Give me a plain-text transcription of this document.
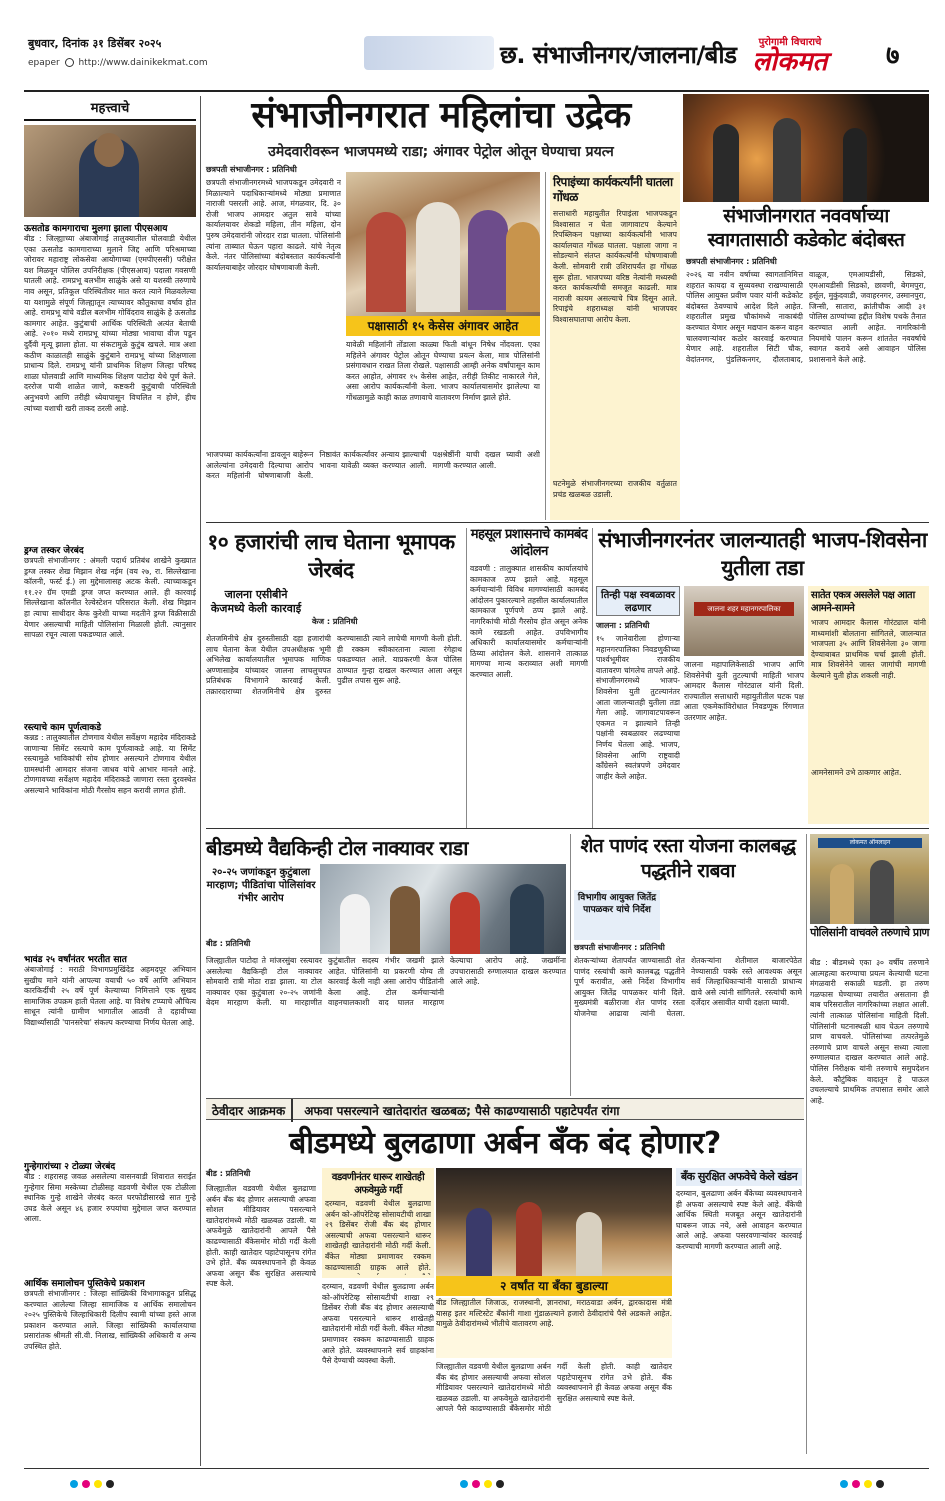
बुधवार, दिनांक ३१ डिसेंबर २०२५
epaper http://www.dainikekmat.com	छ. संभाजीनगर/जालना/बीड	पुरोगामी विचाराचे
लोकमत	७
महत्त्वाचे
ऊसतोड कामगाराचा मुलगा झाला पीएसआय
बीड : जिल्ह्याच्या अंबाजोगाई तालुक्यातील घोलवाडी येथील एका ऊसतोड कामगाराच्या मुलाने जिद्द आणि परिश्रमाच्या जोरावर महाराष्ट्र लोकसेवा आयोगाच्या (एमपीएससी) परीक्षेत यश मिळवून पोलिस उपनिरीक्षक (पीएसआय) पदाला गवसणी घातली आहे. रामप्रभू बलभीम साळुंके असे या यशस्वी तरुणाचे नाव असून, प्रतिकूल परिस्थितीवर मात करत त्याने मिळवलेल्या या यशामुळे संपूर्ण जिल्ह्यातून त्याच्यावर कौतुकाचा वर्षाव होत आहे. रामप्रभू यांचे वडील बलभीम गोविंदराव साळुंके हे ऊसतोड कामगार आहेत. कुटुंबाची आर्थिक परिस्थिती अत्यंत बेताची आहे. २०१० मध्ये रामप्रभू यांच्या मोठ्या भावाचा वीज पडून दुर्दैवी मृत्यू झाला होता. या संकटामुळे कुटुंब खचले. मात्र अशा कठीण काळातही साळुंके कुटुंबाने रामप्रभू यांच्या शिक्षणाला प्राधान्य दिले. रामप्रभू यांनी प्राथमिक शिक्षण जिल्हा परिषद शाळा घोलवाडी आणि माध्यमिक शिक्षण पाटोदा येथे पूर्ण केले. दररोज पायी शाळेत जाणे, कष्टकरी कुटुंबाची परिस्थिती अनुभवणे आणि तरीही ध्येयापासून विचलित न होणे, हीच त्यांच्या यशाची खरी ताकद ठरली आहे.
ड्रग्ज तस्कर जेरबंद
छत्रपती संभाजीनगर : अंमली पदार्थ प्रतिबंध शाखेने कुख्यात ड्रग्ज तस्कर शेख मिझान शेख नईम (वय २७, रा. सिल्लेखाना कॉलनी, फर्स्ट ई.) ला मुद्देमालासह अटक केली. त्याच्याकडून ११.२२ ग्रॅम एमडी ड्रग्ज जप्त करण्यात आले. ही कारवाई सिल्लेखाना कॉलनीत रेल्वेस्टेशन परिसरात केली. शेख मिझान हा त्याचा साथीदार केफ कुरेशी याच्या मदतीने ड्रग्ज विक्रीसाठी येणार असल्याची माहिती पोलिसांना मिळाली होती. त्यानुसार सापळा रचून त्याला पकडण्यात आले.
रस्त्याचे काम पूर्णत्वाकडे
कन्नड : तालुक्यातील टोणगाव येथील सर्वेक्षण महादेव मंदिराकडे जाणाऱ्या सिमेंट रस्त्याचे काम पूर्णत्वाकडे आहे. या सिमेंट रस्त्यामुळे भाविकांची सोय होणार असल्याने टोणगाव येथील ग्रामस्थांनी आमदार संजना जाधव यांचे आभार मानले आहे. टोणगावच्या सर्वेक्षण महादेव मंदिराकडे जाणारा रस्ता दुरवस्थेत असल्याने भाविकांना मोठी गैरसोय सहन करावी लागत होती.
भावंड २५ वर्षांनंतर भरतीत सात
अंबाजोगाई : मराठी विभागप्रमुखिंदेड अहमदपूर अभियान सुखीच माने यांनी आपल्या वयाची ५० वर्षे आणि अभियान कारकिर्दीची २५ वर्षे पूर्ण केल्याच्या निमित्ताने एक सुखद सामाजिक उपक्रम हाती घेतला आहे. या विशेष टप्प्याचे औचित्य साधून त्यांनी ग्रामीण भागातील आठवी ते दहावीच्या विद्यार्थ्यांसाठी 'पानसरेचा' संकल्प करण्याचा निर्णय घेतला आहे.
गुन्हेगारांच्या २ टोळ्या जेरबंद
बीड : शहरासह जवळ असलेल्या वासनवाडी शिवारात सराईत गुन्हेगार सिमा मस्केच्या टोळीसह वडवणी येथील एक टोळीला स्थानिक गुन्हे शाखेने जेरबंद करत घरफोडीसारखे सात गुन्हे उघड केले असून ४६ हजार रुपयांचा मुद्देमाल जप्त करण्यात आला.
आर्थिक समालोचन पुस्तिकेचे प्रकाशन
छत्रपती संभाजीनगर : जिल्हा सांख्यिकी विभागाकडून प्रसिद्ध करण्यात आलेल्या जिल्हा सामाजिक व आर्थिक समालोचन २०२५ पुस्तिकेचे जिल्हाधिकारी दिलीप स्वामी यांच्या हस्ते आज प्रकाशन करण्यात आले. जिल्हा सांख्यिकी कार्यालयाचा प्रसारांतक श्रीमती सी.वी. निलाख, सांख्यिकी अधिकारी व अन्य उपस्थित होते.
संभाजीनगरात महिलांचा उद्रेक
उमेदवारीवरून भाजपमध्ये राडा; अंगावर पेट्रोल ओतून घेण्याचा प्रयत्न
छत्रपती संभाजीनगर : प्रतिनिधी
छत्रपती संभाजीनगरमध्ये भाजपकडून उमेदवारी न मिळाल्याने पदाधिकाऱ्यांमध्ये मोठ्या प्रमाणात नाराजी पसरली आहे. आज, मंगळवार, दि. ३० रोजी भाजप आमदार अतुल सावे यांच्या कार्यालयावर शेकडो महिला, तीन महिला, दोन पुरुष उमेदवारांनी जोरदार राडा घातला. पोलिसांनी त्यांना ताब्यात घेऊन पहारा काढले. यांचे नेतृत्व केले. नंतर पोलिसांच्या बंदोबस्तात कार्यकर्त्यांनी कार्यालयाबाहेर जोरदार घोषणाबाजी केली.
पक्षासाठी १५ केसेस अंगावर आहेत
यावेळी महिलांनी तोंडाला काळ्या फिती बांधून निषेध नोंदवला. एका महिलेने अंगावर पेट्रोल ओतून घेण्याचा प्रयत्न केला, मात्र पोलिसांनी प्रसंगावधान राखत तिला रोखले. पक्षासाठी आम्ही अनेक वर्षांपासून काम करत आहोत, अंगावर १५ केसेस आहेत, तरीही तिकीट नाकारले गेले, असा आरोप कार्यकर्त्यांनी केला. भाजप कार्यालयासमोर झालेल्या या गोंधळामुळे काही काळ तणावाचे वातावरण निर्माण झाले होते.
भाजपच्या कार्यकर्त्यांना डावलून बाहेरून आलेल्यांना उमेदवारी दिल्याचा आरोप करत महिलांनी घोषणाबाजी केली. निष्ठावंत कार्यकर्त्यांवर अन्याय झाल्याची भावना यावेळी व्यक्त करण्यात आली. पक्षश्रेष्ठींनी याची दखल घ्यावी अशी मागणी करण्यात आली.
रिपाइंच्या कार्यकर्त्यांनी घातला गोंधळ
सत्ताधारी महायुतीत रिपाइंला भाजपकडून विश्वासात न घेता जागावाटप केल्याने रिपब्लिकन पक्षाच्या कार्यकर्त्यांनी भाजप कार्यालयात गोंधळ घातला. पक्षाला जागा न सोडल्याने संतप्त कार्यकर्त्यांनी घोषणाबाजी केली. सोमवारी रात्री उशिरापर्यंत हा गोंधळ सुरू होता. भाजपच्या वरिष्ठ नेत्यांनी मध्यस्थी करत कार्यकर्त्यांची समजूत काढली. मात्र नाराजी कायम असल्याचे चित्र दिसून आले. रिपाइंचे शहराध्यक्ष यांनी भाजपवर विश्वासघाताचा आरोप केला.
घटनेमुळे संभाजीनगरच्या राजकीय वर्तुळात प्रचंड खळबळ उडाली.
संभाजीनगरात नववर्षाच्या स्वागतासाठी कडेकोट बंदोबस्त
छत्रपती संभाजीनगर : प्रतिनिधी
२०२६ या नवीन वर्षाच्या स्वागतानिमित्त शहरात कायदा व सुव्यवस्था राखण्यासाठी पोलिस आयुक्त प्रवीण पवार यांनी कडेकोट बंदोबस्त ठेवण्याचे आदेश दिले आहेत. शहरातील प्रमुख चौकांमध्ये नाकाबंदी करण्यात येणार असून मद्यपान करून वाहन चालवणाऱ्यांवर कठोर कारवाई करण्यात येणार आहे. शहरातील सिटी चौक, वेदांतनगर, पुंडलिकनगर, दौलताबाद, वाळूज, एमआयडीसी, सिडको, एमआयडीसी सिडको, छावणी, बेगमपुरा, हर्सूल, मुकुंदवाडी, जवाहरनगर, उस्मानपुरा, जिन्सी, सातारा, क्रांतीचौक आदी ३१ पोलिस ठाण्यांच्या हद्दीत विशेष पथके तैनात करण्यात आली आहेत. नागरिकांनी नियमांचे पालन करून शांततेत नववर्षाचे स्वागत करावे असे आवाहन पोलिस प्रशासनाने केले आहे.
१० हजारांची लाच घेताना भूमापक जेरबंद
जालना एसीबीने केजमध्ये केली कारवाई
केज : प्रतिनिधी
शेतजमिनीचे क्षेत्र दुरुस्तीसाठी दहा हजारांची लाच घेताना केज येथील उपअधीक्षक भूमी अभिलेख कार्यालयातील भूमापक माणिक अण्णासाहेब यांच्यावर जालना लाचलुचपत प्रतिबंधक विभागाने कारवाई केली. तक्रारदाराच्या शेतजमिनीचे क्षेत्र दुरुस्त करण्यासाठी त्याने लाचेची मागणी केली होती. ही रक्कम स्वीकारताना त्याला रंगेहाथ पकडण्यात आले. याप्रकरणी केज पोलिस ठाण्यात गुन्हा दाखल करण्यात आला असून पुढील तपास सुरू आहे.
महसूल प्रशासनाचे कामबंद आंदोलन
वडवणी : तालुक्यात शासकीय कार्यालयांचे कामकाज ठप्प झाले आहे. महसूल कर्मचाऱ्यांनी विविध मागण्यांसाठी कामबंद आंदोलन पुकारल्याने तहसील कार्यालयातील कामकाज पूर्णपणे ठप्प झाले आहे. नागरिकांची मोठी गैरसोय होत असून अनेक कामे रखडली आहेत. उपविभागीय अधिकारी कार्यालयासमोर कर्मचाऱ्यांनी ठिय्या आंदोलन केले. शासनाने तात्काळ मागण्या मान्य कराव्यात अशी मागणी करण्यात आली.
संभाजीनगरनंतर जालन्यातही भाजप-शिवसेना युतीला तडा
तिन्ही पक्ष स्वबळावर लढणार
जालना : प्रतिनिधी
१५ जानेवारीला होणाऱ्या महानगरपालिका निवडणुकीच्या पार्श्वभूमीवर राजकीय वातावरण चांगलेच तापले आहे. संभाजीनगरमध्ये भाजप-शिवसेना युती तुटल्यानंतर आता जालन्यातही युतीला तडा गेला आहे. जागावाटपावरून एकमत न झाल्याने तिन्ही पक्षांनी स्वबळावर लढण्याचा निर्णय घेतला आहे. भाजप, शिवसेना आणि राष्ट्रवादी काँग्रेसने स्वतंत्रपणे उमेदवार जाहीर केले आहेत.
जालना शहर महानगरपालिका
जालना महापालिकेसाठी भाजप आणि शिवसेनेची युती तुटल्याची माहिती भाजप आमदार कैलास गोरंट्याल यांनी दिली. राज्यातील सत्ताधारी महायुतीतील घटक पक्ष आता एकमेकांविरोधात निवडणूक रिंगणात उतरणार आहेत.
सातेत एकत्र असलेले पक्ष आता आमने-सामने
भाजप आमदार कैलास गोरंट्याल यांनी माध्यमांशी बोलताना सांगितले, जालन्यात भाजपला ३५ आणि शिवसेनेला ३० जागा देण्याबाबत प्राथमिक चर्चा झाली होती. मात्र शिवसेनेने जास्त जागांची मागणी केल्याने युती होऊ शकली नाही.
आमनेसामने उभे ठाकणार आहेत.
बीडमध्ये वैद्यकिन्ही टोल नाक्यावर राडा
२०-२५ जणांकडून कुटुंबाला मारहाण; पीडितांचा पोलिसांवर गंभीर आरोप
बीड : प्रतिनिधी
जिल्ह्यातील पाटोदा ते मांजरसुंबा रस्त्यावर असलेल्या वैद्यकिन्ही टोल नाक्यावर सोमवारी रात्री मोठा राडा झाला. या टोल नाक्यावर एका कुटुंबाला २०-२५ जणांनी बेदम मारहाण केली. या मारहाणीत कुटुंबातील सदस्य गंभीर जखमी झाले आहेत. पोलिसांनी या प्रकरणी योग्य ती कारवाई केली नाही असा आरोप पीडितांनी केला आहे. टोल कर्मचाऱ्यांनी वाहनचालकाशी वाद घालत मारहाण केल्याचा आरोप आहे. जखमींना उपचारासाठी रुग्णालयात दाखल करण्यात आले आहे.
शेत पाणंद रस्ता योजना कालबद्ध पद्धतीने राबवा
विभागीय आयुक्त जितेंद्र पापळकर यांचे निर्देश
छत्रपती संभाजीनगर : प्रतिनिधी
शेतकऱ्यांच्या शेतापर्यंत जाण्यासाठी शेत पाणंद रस्त्यांची कामे कालबद्ध पद्धतीने पूर्ण करावीत, असे निर्देश विभागीय आयुक्त जितेंद्र पापळकर यांनी दिले. मुख्यमंत्री बळीराजा शेत पाणंद रस्ता योजनेचा आढावा त्यांनी घेतला. शेतकऱ्यांना शेतीमाल बाजारपेठेत नेण्यासाठी पक्के रस्ते आवश्यक असून सर्व जिल्हाधिकाऱ्यांनी यासाठी प्राधान्य द्यावे असे त्यांनी सांगितले. रस्त्यांची कामे दर्जेदार असावीत याची दक्षता घ्यावी.
लोकमत ऑनलाइन
पोलिसांनी वाचवले तरुणाचे प्राण
बीड : बीडमध्ये एका ३० वर्षीय तरुणाने आत्महत्या करण्याचा प्रयत्न केल्याची घटना मंगळवारी सकाळी घडली. हा तरुण गळफास घेण्याच्या तयारीत असताना ही बाब परिसरातील नागरिकांच्या लक्षात आली. त्यांनी तात्काळ पोलिसांना माहिती दिली. पोलिसांनी घटनास्थळी धाव घेऊन तरुणाचे प्राण वाचवले. पोलिसांच्या तत्परतेमुळे तरुणाचे प्राण वाचले असून सध्या त्याला रुग्णालयात दाखल करण्यात आले आहे. पोलिस निरीक्षक यांनी तरुणाचे समुपदेशन केले. कौटुंबिक वादातून हे पाऊल उचलल्याचे प्राथमिक तपासात समोर आले आहे.
ठेवीदार आक्रमक अफवा पसरल्याने खातेदारांत खळबळ; पैसे काढण्यासाठी पहाटेपर्यंत रांगा
बीडमध्ये बुलढाणा अर्बन बँक बंद होणार?
बीड : प्रतिनिधी
जिल्ह्यातील वडवणी येथील बुलढाणा अर्बन बँक बंद होणार असल्याची अफवा सोशल मीडियावर पसरल्याने खातेदारांमध्ये मोठी खळबळ उडाली. या अफवेमुळे खातेदारांनी आपले पैसे काढण्यासाठी बँकेसमोर मोठी गर्दी केली होती. काही खातेदार पहाटेपासूनच रांगेत उभे होते. बँक व्यवस्थापनाने ही केवळ अफवा असून बँक सुरक्षित असल्याचे स्पष्ट केले.
वडवणीनंतर धारूर शाखेतही अफवेमुळे गर्दी
दरम्यान, वडवणी येथील बुलढाणा अर्बन को-ऑपरेटिव्ह सोसायटीची शाखा २९ डिसेंबर रोजी बँक बंद होणार असल्याची अफवा पसरल्याने धारूर शाखेतही खातेदारांनी मोठी गर्दी केली. बँकेत मोठ्या प्रमाणावर रक्कम काढण्यासाठी ग्राहक आले होते.
२ वर्षांत या बँका बुडाल्या
बीड जिल्ह्यातील जिजाऊ, राजस्थानी, ज्ञानराधा, मराठवाडा अर्बन, द्वारकादास मंत्री यासह इतर मल्टिस्टेट बँकांनी गाशा गुंडाळल्याने हजारो ठेवीदारांचे पैसे अडकले आहेत. यामुळे ठेवीदारांमध्ये भीतीचे वातावरण आहे.
दरम्यान, वडवणी येथील बुलढाणा अर्बन को-ऑपरेटिव्ह सोसायटीची शाखा २९ डिसेंबर रोजी बँक बंद होणार असल्याची अफवा पसरल्याने धारूर शाखेतही खातेदारांनी मोठी गर्दी केली. बँकेत मोठ्या प्रमाणावर रक्कम काढण्यासाठी ग्राहक आले होते. व्यवस्थापनाने सर्व ग्राहकांना पैसे देण्याची व्यवस्था केली.
जिल्ह्यातील वडवणी येथील बुलढाणा अर्बन बँक बंद होणार असल्याची अफवा सोशल मीडियावर पसरल्याने खातेदारांमध्ये मोठी खळबळ उडाली. या अफवेमुळे खातेदारांनी आपले पैसे काढण्यासाठी बँकेसमोर मोठी गर्दी केली होती. काही खातेदार पहाटेपासूनच रांगेत उभे होते. बँक व्यवस्थापनाने ही केवळ अफवा असून बँक सुरक्षित असल्याचे स्पष्ट केले.
बँक सुरक्षित अफवेचे केले खंडन
दरम्यान, बुलढाणा अर्बन बँकेच्या व्यवस्थापनाने ही अफवा असल्याचे स्पष्ट केले आहे. बँकेची आर्थिक स्थिती मजबूत असून खातेदारांनी घाबरून जाऊ नये, असे आवाहन करण्यात आले आहे. अफवा पसरवणाऱ्यांवर कारवाई करण्याची मागणी करण्यात आली आहे.
